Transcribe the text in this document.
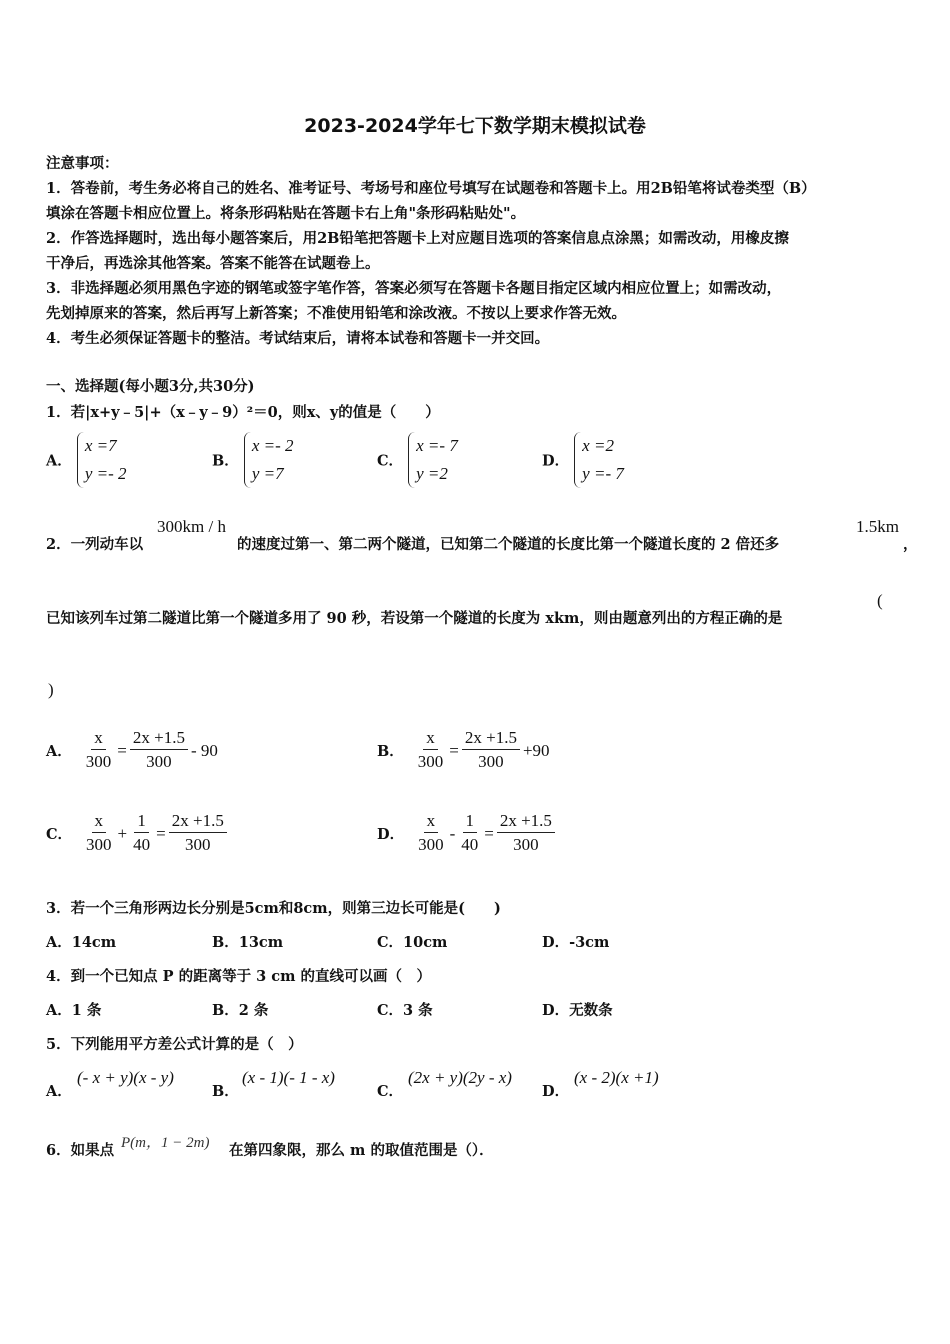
2023-2024学年七下数学期末模拟试卷
注意事项：
1．答卷前，考生务必将自己的姓名、准考证号、考场号和座位号填写在试题卷和答题卡上。用2B铅笔将试卷类型（B）
填涂在答题卡相应位置上。将条形码粘贴在答题卡右上角"条形码粘贴处"。
2．作答选择题时，选出每小题答案后，用2B铅笔把答题卡上对应题目选项的答案信息点涂黑；如需改动，用橡皮擦
干净后，再选涂其他答案。答案不能答在试题卷上。
3．非选择题必须用黑色字迹的钢笔或签字笔作答，答案必须写在答题卡各题目指定区域内相应位置上；如需改动，
先划掉原来的答案，然后再写上新答案；不准使用铅笔和涂改液。不按以上要求作答无效。
4．考生必须保证答题卡的整洁。考试结束后，请将本试卷和答题卡一并交回。
一、选择题(每小题3分,共30分)
1．若|x+y﹣5|+（x﹣y﹣9）²＝0，则x、y的值是（　　）
A．
x =7
y =- 2
B．
x =- 2
y =7
C．
x =- 7
y =2
D．
x =2
y =- 7
2．一列动车以
300km / h
的速度过第一、第二两个隧道，已知第二个隧道的长度比第一个隧道长度的 2 倍还多
1.5km
，
已知该列车过第二隧道比第一个隧道多用了 90 秒，若设第一个隧道的长度为 xkm，则由题意列出的方程正确的是
(
)
A． $\frac{x}{300} = \frac{2x +1.5}{300} - 90$	B． $\frac{x}{300} = \frac{2x +1.5}{300} +90$
C． $\frac{x}{300} + \frac{1}{40} = \frac{2x +1.5}{300}$	D． $\frac{x}{300} - \frac{1}{40} = \frac{2x +1.5}{300}$
3．若一个三角形两边长分别是5cm和8cm，则第三边长可能是(　　)
A．14cm	B．13cm	C．10cm	D．-3cm
4．到一个已知点 P 的距离等于 3 cm 的直线可以画（　）
A．1 条	B．2 条	C．3 条	D．无数条
5．下列能用平方差公式计算的是（　）
A．
(- x + y)(x - y)
B．
(x - 1)(- 1 - x)
C．
(2x + y)(2y - x)
D．
(x - 2)(x +1)
6．如果点 P(m，1 − 2m) 在第四象限，那么 m 的取值范围是（）．
